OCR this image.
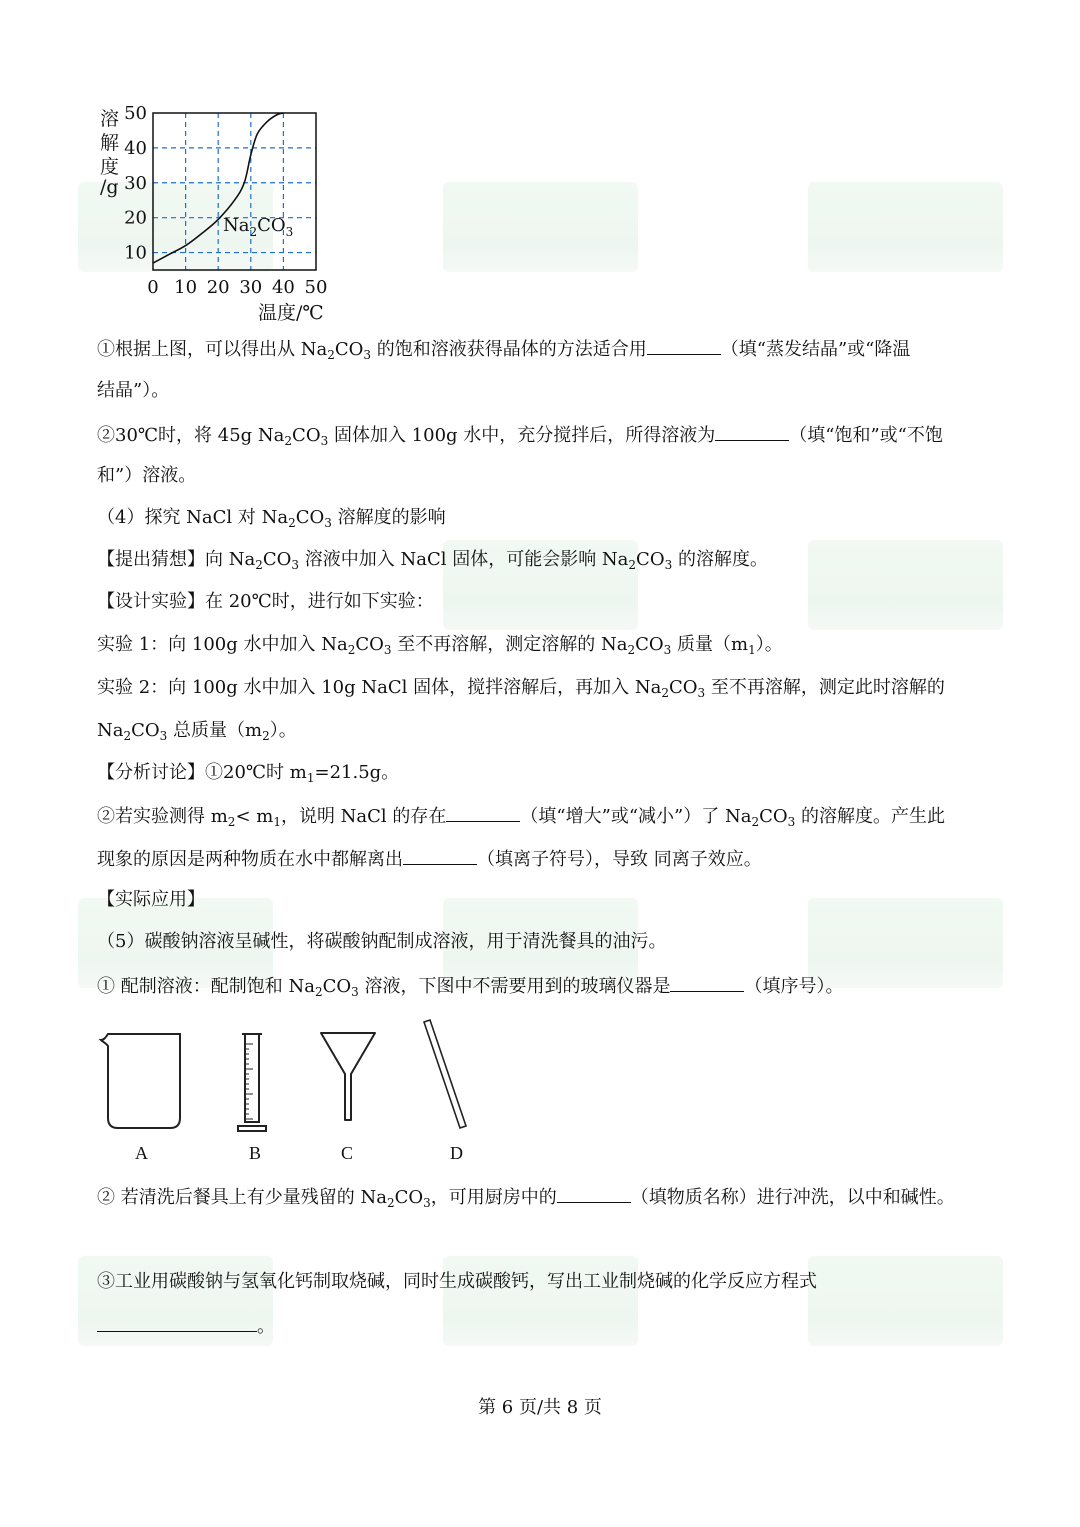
溶
解
度
/g
10
20
30
40
50
0 10 20 30 40 50
$Na_2CO_3$
温度/℃
①根据上图，可以得出从 $Na_2CO_3$ 的饱和溶液获得晶体的方法适合用	（填“蒸发结晶”或“降温
结晶”）。
②30℃时，将 45g $Na_2CO_3$ 固体加入 100g 水中，充分搅拌后，所得溶液为	（填“饱和”或“不饱
和”）溶液。
（4）探究 NaCl 对 $Na_2CO_3$ 溶解度的影响
【提出猜想】向 $Na_2CO_3$ 溶液中加入 NaCl 固体，可能会影响 $Na_2CO_3$ 的溶解度。
【设计实验】在 20℃时，进行如下实验：
实验 1：向 100g 水中加入 $Na_2CO_3$ 至不再溶解，测定溶解的 $Na_2CO_3$ 质量$(m_1)$。
实验 2：向 100g 水中加入 10g NaCl 固体，搅拌溶解后，再加入 $Na_2CO_3$ 至不再溶解，测定此时溶解的
$Na_2CO_3$ 总质量$(m_2)$。
【分析讨论】①20℃时 $m_1=21.5g$。
②若实验测得 $m_2< m_1$，说明 NaCl 的存在	（填“增大”或“减小”）了 $Na_2CO_3$ 的溶解度。产生此
现象的原因是两种物质在水中都解离出	（填离子符号），导致 同离子效应。
【实际应用】
（5）碳酸钠溶液呈碱性，将碳酸钠配制成溶液，用于清洗餐具的油污。
① 配制溶液：配制饱和 $Na_2CO_3$ 溶液，下图中不需要用到的玻璃仪器是	（填序号）。
A	B	C	D
② 若清洗后餐具上有少量残留的 $Na_2CO_3$，可用厨房中的	（填物质名称）进行冲洗，以中和碱性。
③工业用碳酸钠与氢氧化钙制取烧碱，同时生成碳酸钙，写出工业制烧碱的化学反应方程式
。
第 6 页/共 8 页
